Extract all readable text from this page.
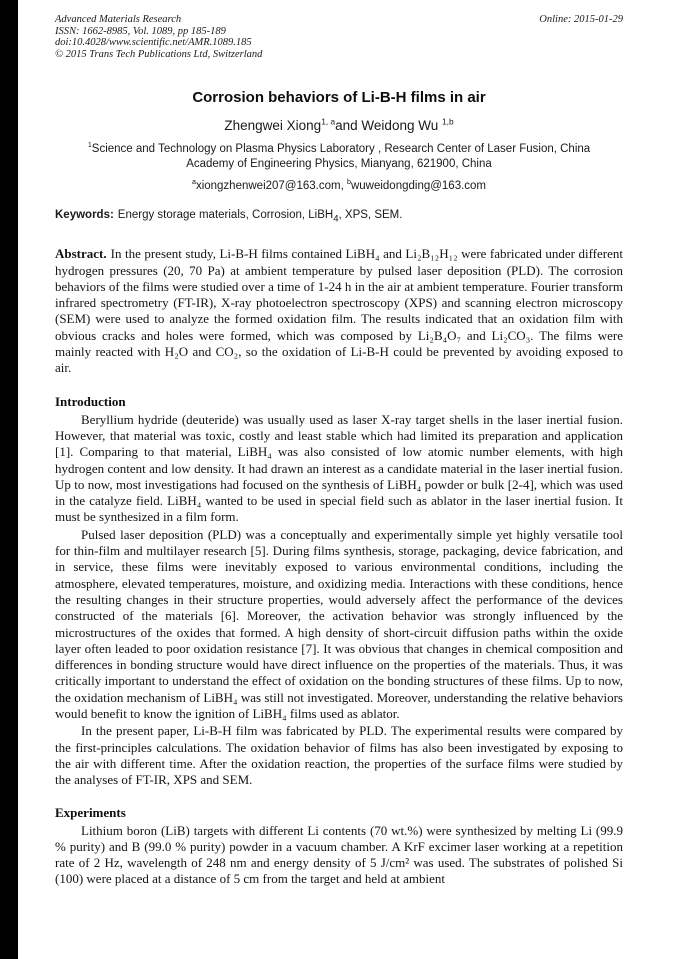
Advanced Materials Research
ISSN: 1662-8985, Vol. 1089, pp 185-189
doi:10.4028/www.scientific.net/AMR.1089.185
© 2015 Trans Tech Publications Ltd, Switzerland
Online: 2015-01-29
Corrosion behaviors of Li-B-H films in air
Zhengwei Xiong$^{1, a}$and Weidong Wu $^{1,b}$
$^1$Science and Technology on Plasma Physics Laboratory , Research Center of Laser Fusion, China Academy of Engineering Physics, Mianyang, 621900, China
$^a$xiongzhenwei207@163.com, $^b$wuweidongding@163.com
Keywords: Energy storage materials, Corrosion, LiBH$_4$, XPS, SEM.
Abstract. In the present study, Li-B-H films contained LiBH₄ and Li₂B₁₂H₁₂ were fabricated under different hydrogen pressures (20, 70 Pa) at ambient temperature by pulsed laser deposition (PLD). The corrosion behaviors of the films were studied over a time of 1-24 h in the air at ambient temperature. Fourier transform infrared spectrometry (FT-IR), X-ray photoelectron spectroscopy (XPS) and scanning electron microscopy (SEM) were used to analyze the formed oxidation film. The results indicated that an oxidation film with obvious cracks and holes were formed, which was composed by Li₂B₄O₇ and Li₂CO₃. The films were mainly reacted with H₂O and CO₂, so the oxidation of Li-B-H could be prevented by avoiding exposed to air.
Introduction
Beryllium hydride (deuteride) was usually used as laser X-ray target shells in the laser inertial fusion. However, that material was toxic, costly and least stable which had limited its preparation and application [1]. Comparing to that material, LiBH₄ was also consisted of low atomic number elements, with high hydrogen content and low density. It had drawn an interest as a candidate material in the laser inertial fusion. Up to now, most investigations had focused on the synthesis of LiBH₄ powder or bulk [2-4], which was used in the catalyze field. LiBH₄ wanted to be used in special field such as ablator in the laser inertial fusion. It must be synthesized in a film form.
Pulsed laser deposition (PLD) was a conceptually and experimentally simple yet highly versatile tool for thin-film and multilayer research [5]. During films synthesis, storage, packaging, device fabrication, and in service, these films were inevitably exposed to various environmental conditions, including the atmosphere, elevated temperatures, moisture, and oxidizing media. Interactions with these conditions, hence the resulting changes in their structure properties, would adversely affect the performance of the devices constructed of the materials [6]. Moreover, the activation behavior was strongly influenced by the microstructures of the oxides that formed. A high density of short-circuit diffusion paths within the oxide layer often leaded to poor oxidation resistance [7]. It was obvious that changes in chemical composition and differences in bonding structure would have direct influence on the properties of the materials. Thus, it was critically important to understand the effect of oxidation on the bonding structures of these films. Up to now, the oxidation mechanism of LiBH₄ was still not investigated. Moreover, understanding the relative behaviors would benefit to know the ignition of LiBH₄ films used as ablator.
In the present paper, Li-B-H film was fabricated by PLD. The experimental results were compared by the first-principles calculations. The oxidation behavior of films has also been investigated by exposing to the air with different time. After the oxidation reaction, the properties of the surface films were studied by the analyses of FT-IR, XPS and SEM.
Experiments
Lithium boron (LiB) targets with different Li contents (70 wt.%) were synthesized by melting Li (99.9 % purity) and B (99.0 % purity) powder in a vacuum chamber. A KrF excimer laser working at a repetition rate of 2 Hz, wavelength of 248 nm and energy density of 5 J/cm² was used. The substrates of polished Si (100) were placed at a distance of 5 cm from the target and held at ambient
